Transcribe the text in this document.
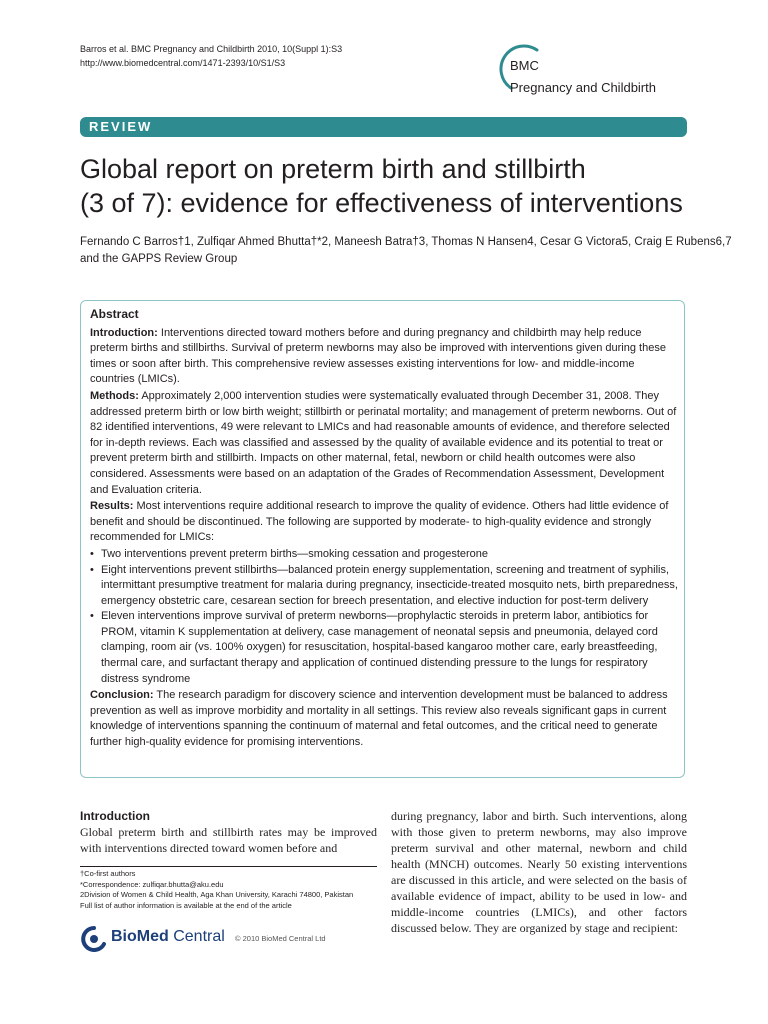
Barros et al. BMC Pregnancy and Childbirth 2010, 10(Suppl 1):S3
http://www.biomedcentral.com/1471-2393/10/S1/S3	BMC
Pregnancy and Childbirth
REVIEW
Global report on preterm birth and stillbirth
(3 of 7): evidence for effectiveness of interventions
Fernando C Barros†1, Zulfiqar Ahmed Bhutta†*2, Maneesh Batra†3, Thomas N Hansen4, Cesar G Victora5, Craig E Rubens6,7
and the GAPPS Review Group
Abstract
Introduction: Interventions directed toward mothers before and during pregnancy and childbirth may help reduce preterm births and stillbirths. Survival of preterm newborns may also be improved with interventions given during these times or soon after birth. This comprehensive review assesses existing interventions for low- and middle-income countries (LMICs).
Methods: Approximately 2,000 intervention studies were systematically evaluated through December 31, 2008. They addressed preterm birth or low birth weight; stillbirth or perinatal mortality; and management of preterm newborns. Out of 82 identified interventions, 49 were relevant to LMICs and had reasonable amounts of evidence, and therefore selected for in-depth reviews. Each was classified and assessed by the quality of available evidence and its potential to treat or prevent preterm birth and stillbirth. Impacts on other maternal, fetal, newborn or child health outcomes were also considered. Assessments were based on an adaptation of the Grades of Recommendation Assessment, Development and Evaluation criteria.
Results: Most interventions require additional research to improve the quality of evidence. Others had little evidence of benefit and should be discontinued. The following are supported by moderate- to high-quality evidence and strongly recommended for LMICs:
• Two interventions prevent preterm births—smoking cessation and progesterone
• Eight interventions prevent stillbirths—balanced protein energy supplementation, screening and treatment of syphilis, intermittant presumptive treatment for malaria during pregnancy, insecticide-treated mosquito nets, birth preparedness, emergency obstetric care, cesarean section for breech presentation, and elective induction for post-term delivery
• Eleven interventions improve survival of preterm newborns—prophylactic steroids in preterm labor, antibiotics for PROM, vitamin K supplementation at delivery, case management of neonatal sepsis and pneumonia, delayed cord clamping, room air (vs. 100% oxygen) for resuscitation, hospital-based kangaroo mother care, early breastfeeding, thermal care, and surfactant therapy and application of continued distending pressure to the lungs for respiratory distress syndrome
Conclusion: The research paradigm for discovery science and intervention development must be balanced to address prevention as well as improve morbidity and mortality in all settings. This review also reveals significant gaps in current knowledge of interventions spanning the continuum of maternal and fetal outcomes, and the critical need to generate further high-quality evidence for promising interventions.
Introduction
Global preterm birth and stillbirth rates may be improved with interventions directed toward women before and
†Co-first authors
*Correspondence: zulfiqar.bhutta@aku.edu
2Division of Women & Child Health, Aga Khan University, Karachi 74800, Pakistan
Full list of author information is available at the end of the article
BioMed Central © 2010 BioMed Central Ltd
during pregnancy, labor and birth. Such interventions, along with those given to preterm newborns, may also improve preterm survival and other maternal, newborn and child health (MNCH) outcomes. Nearly 50 existing interventions are discussed in this article, and were selected on the basis of available evidence of impact, ability to be used in low- and middle-income countries (LMICs), and other factors discussed below. They are organized by stage and recipient:
